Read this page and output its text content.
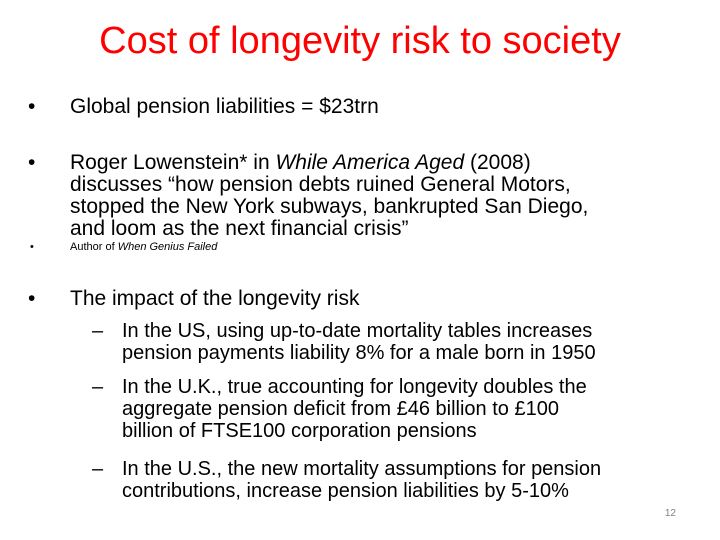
Cost of longevity risk to society
•	Global pension liabilities = $23trn
•	Roger Lowenstein* in While America Aged (2008)
discusses “how pension debts ruined General Motors,
stopped the New York subways, bankrupted San Diego,
and loom as the next financial crisis”
•	Author of When Genius Failed
•	The impact of the longevity risk
– In the US, using up-to-date mortality tables increases
pension payments liability 8% for a male born in 1950
– In the U.K., true accounting for longevity doubles the
aggregate pension deficit from £46 billion to £100
billion of FTSE100 corporation pensions
– In the U.S., the new mortality assumptions for pension
contributions, increase pension liabilities by 5-10%
12
